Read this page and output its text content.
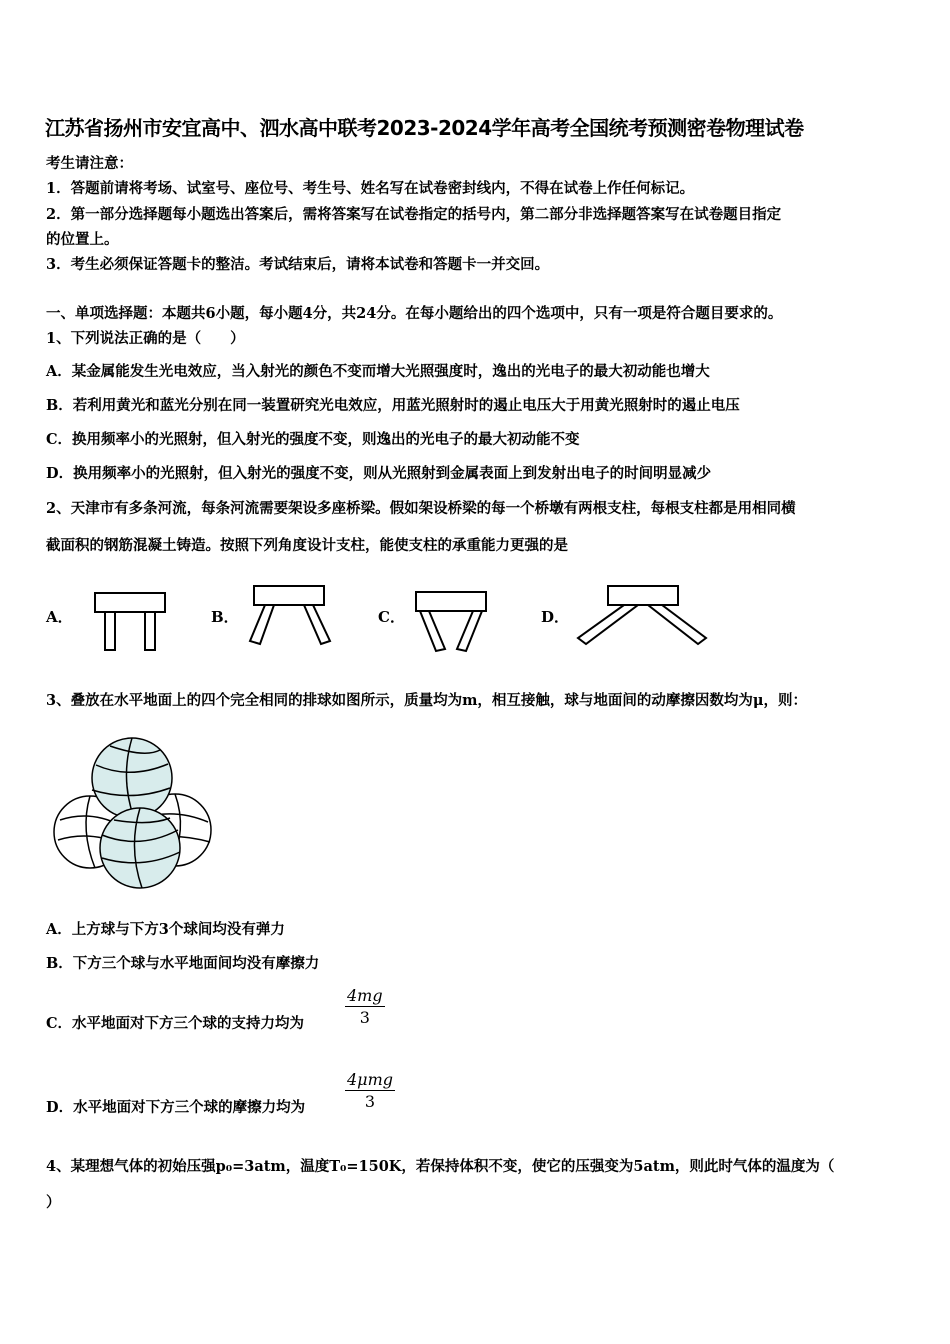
江苏省扬州市安宜高中、泗水高中联考2023-2024学年高考全国统考预测密卷物理试卷
考生请注意：
1．答题前请将考场、试室号、座位号、考生号、姓名写在试卷密封线内，不得在试卷上作任何标记。
2．第一部分选择题每小题选出答案后，需将答案写在试卷指定的括号内，第二部分非选择题答案写在试卷题目指定
的位置上。
3．考生必须保证答题卡的整洁。考试结束后，请将本试卷和答题卡一并交回。
一、单项选择题：本题共6小题，每小题4分，共24分。在每小题给出的四个选项中，只有一项是符合题目要求的。
1、下列说法正确的是（　　）
A．某金属能发生光电效应，当入射光的颜色不变而增大光照强度时，逸出的光电子的最大初动能也增大
B．若利用黄光和蓝光分别在同一装置研究光电效应，用蓝光照射时的遏止电压大于用黄光照射时的遏止电压
C．换用频率小的光照射，但入射光的强度不变，则逸出的光电子的最大初动能不变
D．换用频率小的光照射，但入射光的强度不变，则从光照射到金属表面上到发射出电子的时间明显减少
2、天津市有多条河流，每条河流需要架设多座桥梁。假如架设桥梁的每一个桥墩有两根支柱，每根支柱都是用相同横
截面积的钢筋混凝土铸造。按照下列角度设计支柱，能使支柱的承重能力更强的是
A．	B．	C．	D．
3、叠放在水平地面上的四个完全相同的排球如图所示，质量均为m，相互接触，球与地面间的动摩擦因数均为μ，则：
A．上方球与下方3个球间均没有弹力
B．下方三个球与水平地面间均没有摩擦力
C．水平地面对下方三个球的支持力均为
4mg
3
D．水平地面对下方三个球的摩擦力均为
4μmg
3
4、某理想气体的初始压强p₀=3atm，温度T₀=150K，若保持体积不变，使它的压强变为5atm，则此时气体的温度为（
）
